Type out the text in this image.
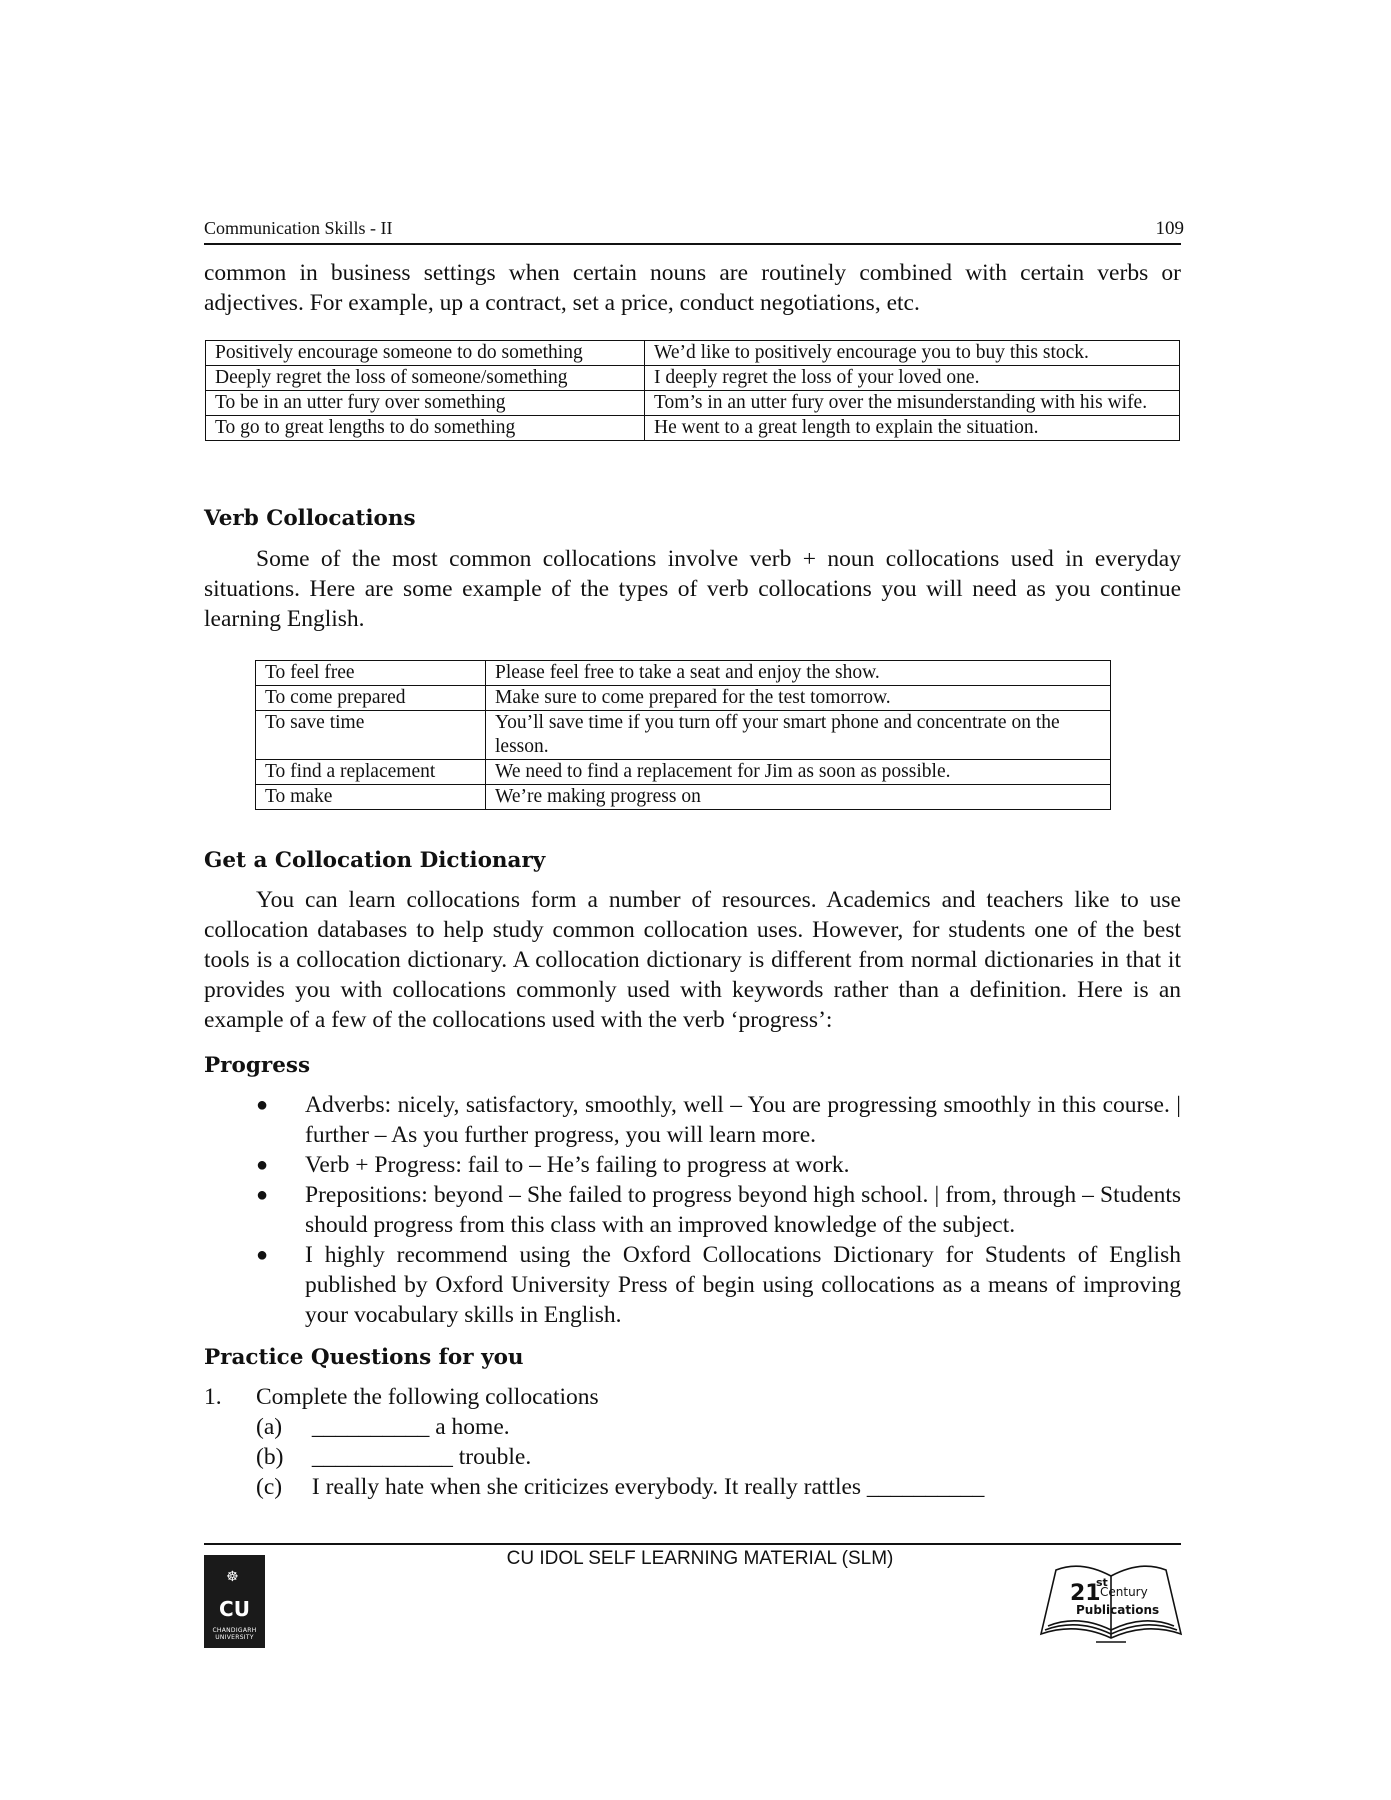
Communication Skills - II	109
common in business settings when certain nouns are routinely combined with certain verbs or adjectives. For example, up a contract, set a price, conduct negotiations, etc.
Positively encourage someone to do something	We’d like to positively encourage you to buy this stock.
Deeply regret the loss of someone/something	I deeply regret the loss of your loved one.
To be in an utter fury over something	Tom’s in an utter fury over the misunderstanding with his wife.
To go to great lengths to do something	He went to a great length to explain the situation.
Verb Collocations
Some of the most common collocations involve verb + noun collocations used in everyday situations. Here are some example of the types of verb collocations you will need as you continue learning English.
To feel free	Please feel free to take a seat and enjoy the show.
To come prepared	Make sure to come prepared for the test tomorrow.
To save time	You’ll save time if you turn off your smart phone and concentrate on the lesson.
To find a replacement	We need to find a replacement for Jim as soon as possible.
To make	We’re making progress on
Get a Collocation Dictionary
You can learn collocations form a number of resources. Academics and teachers like to use collocation databases to help study common collocation uses. However, for students one of the best tools is a collocation dictionary. A collocation dictionary is different from normal dictionaries in that it provides you with collocations commonly used with keywords rather than a definition. Here is an example of a few of the collocations used with the verb ‘progress’:
Progress
● Adverbs: nicely, satisfactory, smoothly, well – You are progressing smoothly in this course. | further – As you further progress, you will learn more.
● Verb + Progress: fail to – He’s failing to progress at work.
● Prepositions: beyond – She failed to progress beyond high school. | from, through – Students should progress from this class with an improved knowledge of the subject.
● I highly recommend using the Oxford Collocations Dictionary for Students of English published by Oxford University Press of begin using collocations as a means of improving your vocabulary skills in English.
Practice Questions for you
1. Complete the following collocations
(a) __________ a home.
(b) ____________ trouble.
(c) I really hate when she criticizes everybody. It really rattles __________
CU IDOL SELF LEARNING MATERIAL (SLM)
☸
CU
CHANDIGARH
UNIVERSITY
21
st
Century
Publications
